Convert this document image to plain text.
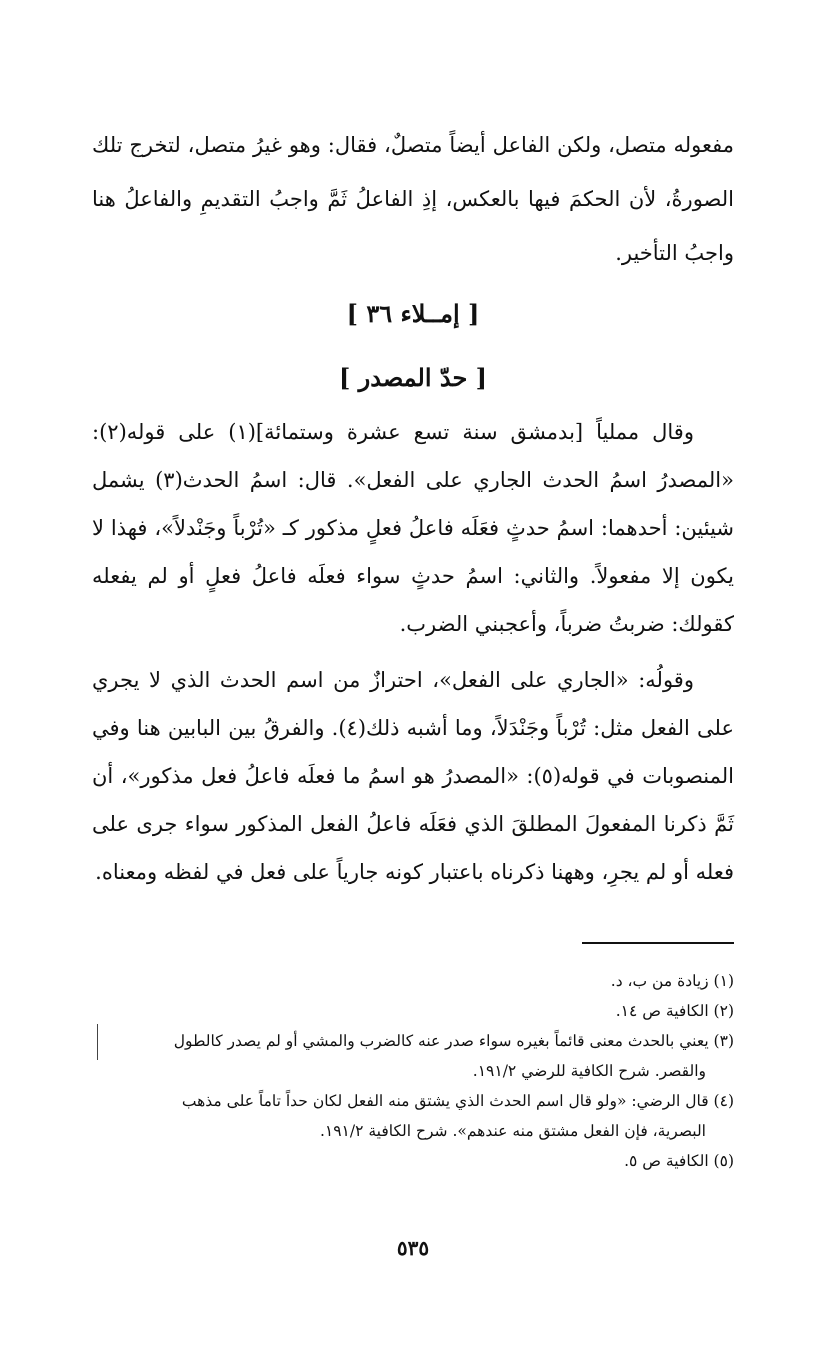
مفعوله متصل، ولكن الفاعل أيضاً متصلٌ، فقال: وهو غيرُ متصل، لتخرج تلك الصورةُ، لأن الحكمَ فيها بالعكس، إذِ الفاعلُ ثَمَّ واجبُ التقديمِ والفاعلُ هنا واجبُ التأخير.

[ إمــلاء ٣٦ ]
[ حدّ المصدر ]

وقال مملياً [بدمشق سنة تسع عشرة وستمائة](١) على قوله(٢): «المصدرُ اسمُ الحدث الجاري على الفعل». قال: اسمُ الحدث(٣) يشمل شيئين: أحدهما: اسمُ حدثٍ فعَلَه فاعلُ فعلٍ مذكور كـ «تُرْباً وجَنْدلاً»، فهذا لا يكون إلا مفعولاً. والثاني: اسمُ حدثٍ سواء فعلَه فاعلُ فعلٍ أو لم يفعله كقولك: ضربتُ ضرباً، وأعجبني الضرب.

وقولُه: «الجاري على الفعل»، احترازٌ من اسم الحدث الذي لا يجري على الفعل مثل: تُرْباً وجَنْدَلاً، وما أشبه ذلك(٤). والفرقُ بين البابين هنا وفي المنصوبات في قوله(٥): «المصدرُ هو اسمُ ما فعلَه فاعلُ فعل مذكور»، أن ثَمَّ ذكرنا المفعولَ المطلقَ الذي فعَلَه فاعلُ الفعل المذكور سواء جرى على فعله أو لم يجرِ، وههنا ذكرناه باعتبار كونه جارياً على فعل في لفظه ومعناه.

(١) زيادة من ب، د.
(٢) الكافية ص ١٤.
(٣) يعني بالحدث معنى قائماً بغيره سواء صدر عنه كالضرب والمشي أو لم يصدر كالطول
والقصر. شرح الكافية للرضي ١٩١/٢.
(٤) قال الرضي: «ولو قال اسم الحدث الذي يشتق منه الفعل لكان حداً تاماً على مذهب
البصرية، فإن الفعل مشتق منه عندهم». شرح الكافية ١٩١/٢.
(٥) الكافية ص ٥.
٥٣٥
